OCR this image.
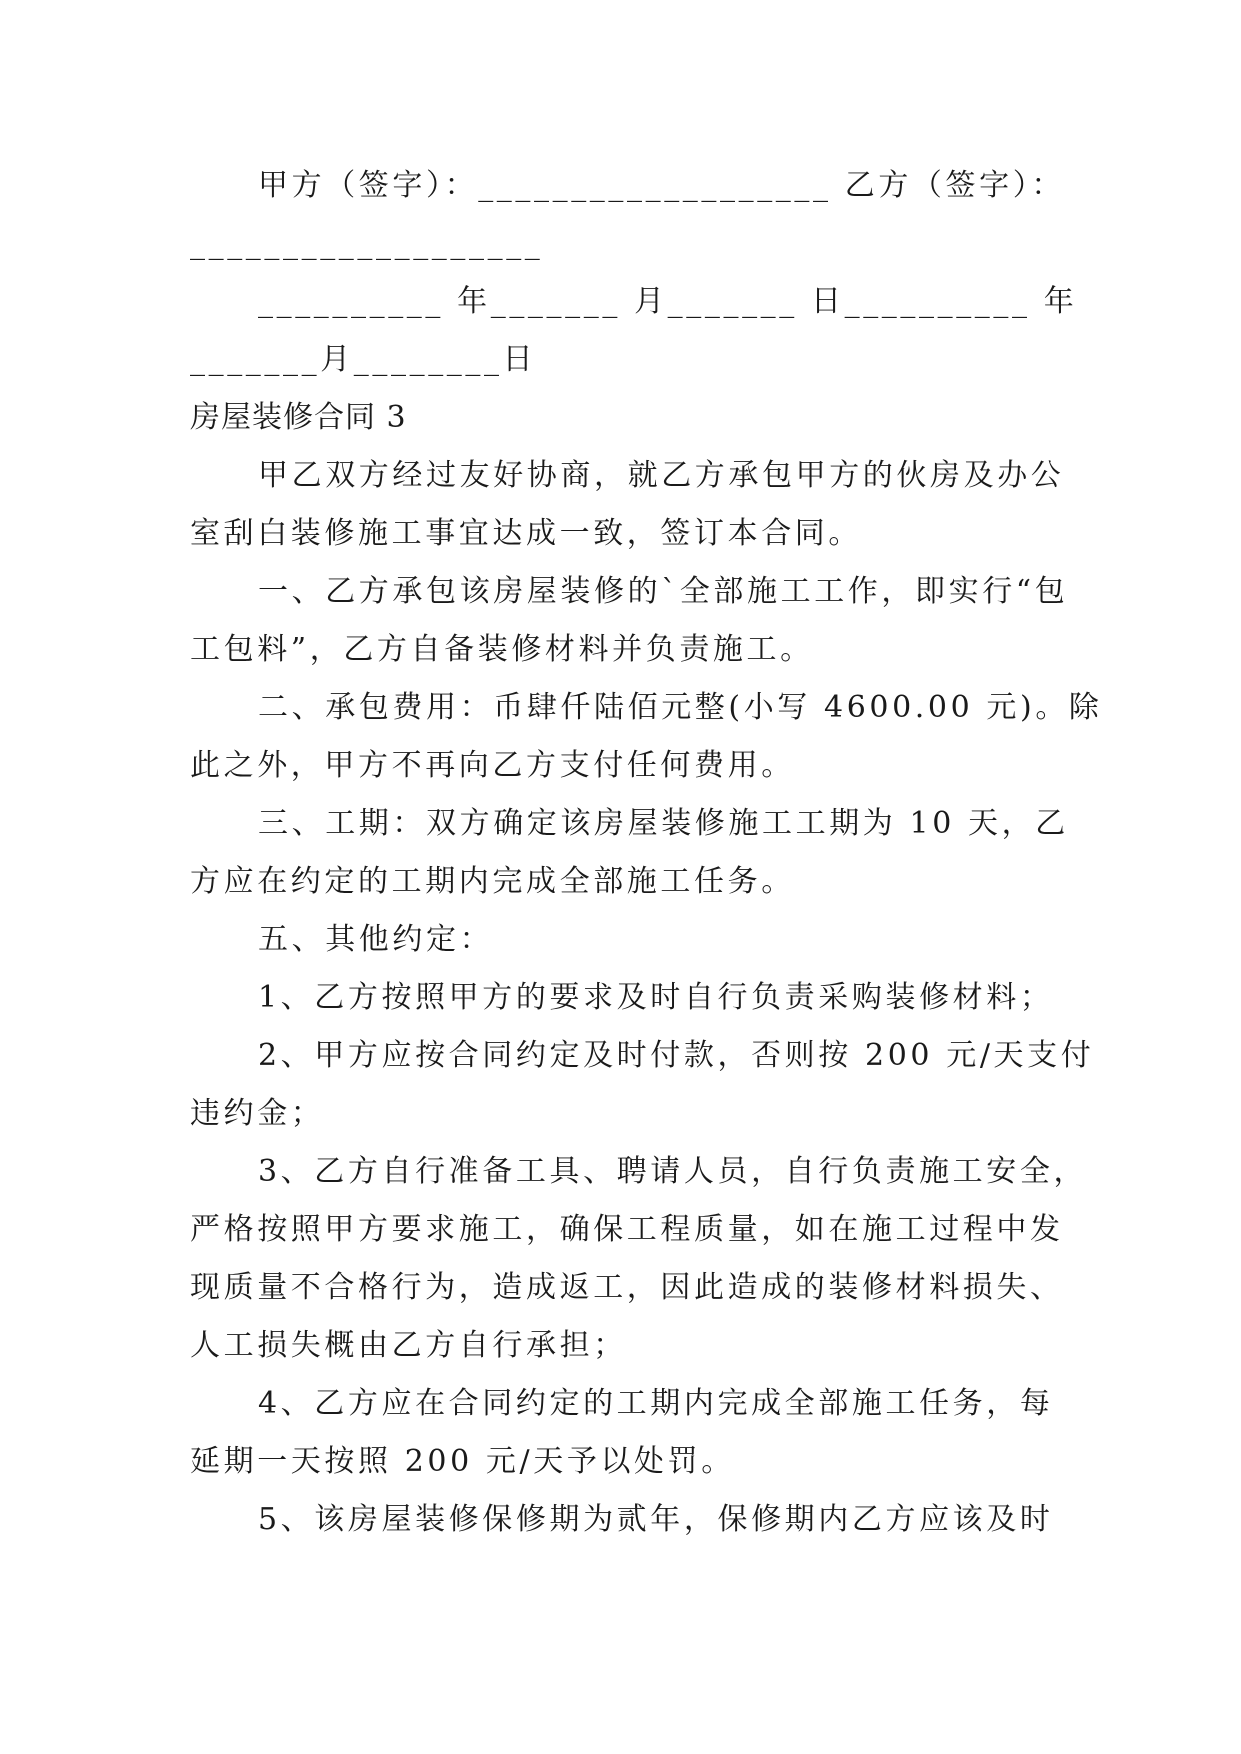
甲方（签字）：___________________ 乙方（签字）：
___________________
__________ 年_______ 月_______ 日__________ 年
_______月________日
房屋装修合同 3
甲乙双方经过友好协商，就乙方承包甲方的伙房及办公
室刮白装修施工事宜达成一致，签订本合同。
一、乙方承包该房屋装修的`全部施工工作，即实行“包
工包料”，乙方自备装修材料并负责施工。
二、承包费用：币肆仟陆佰元整(小写 4600.00 元)。除
此之外，甲方不再向乙方支付任何费用。
三、工期：双方确定该房屋装修施工工期为 10 天，乙
方应在约定的工期内完成全部施工任务。
五、其他约定：
1、乙方按照甲方的要求及时自行负责采购装修材料；
2、甲方应按合同约定及时付款，否则按 200 元/天支付
违约金；
3、乙方自行准备工具、聘请人员，自行负责施工安全，
严格按照甲方要求施工，确保工程质量，如在施工过程中发
现质量不合格行为，造成返工，因此造成的装修材料损失、
人工损失概由乙方自行承担；
4、乙方应在合同约定的工期内完成全部施工任务，每
延期一天按照 200 元/天予以处罚。
5、该房屋装修保修期为贰年，保修期内乙方应该及时
